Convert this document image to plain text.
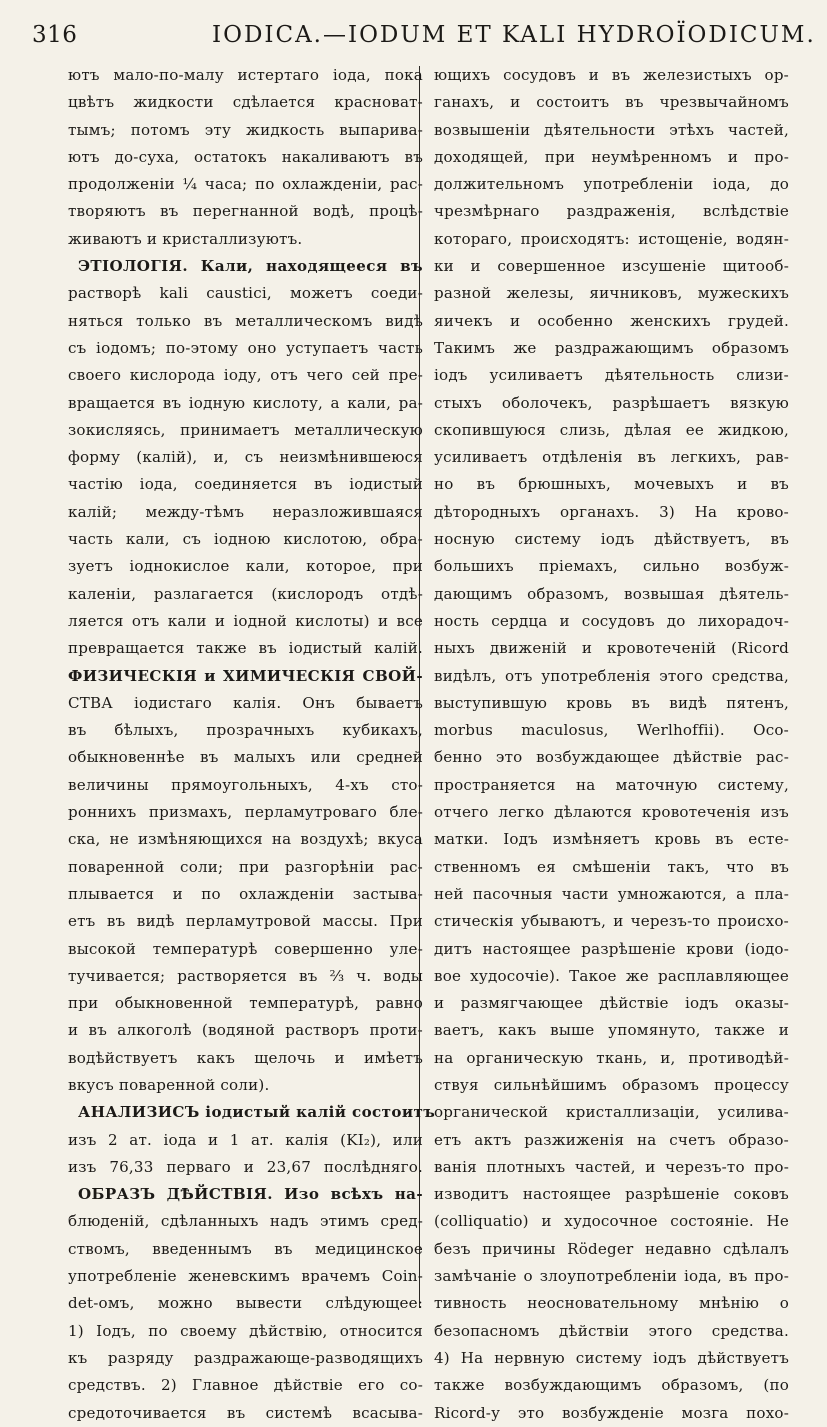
316	IODICA.—IODUM ET KALI HYDROÏODICUM.
ютъ мало-по-малу истертаго іода, пока
цвѣтъ жидкости сдѣлается красноват-
тымъ; потомъ эту жидкость выпарива-
ютъ до-суха, остатокъ накаливаютъ въ
продолженіи ¼ часа; по охлажденіи, рас-
творяютъ въ перегнанной водѣ, процѣ-
живаютъ и кристаллизуютъ.
ЭТІОЛОГІЯ. Кали, находящееся въ
растворѣ kali caustici, можетъ соеди-
няться только въ металлическомъ видѣ
съ іодомъ; по-этому оно уступаетъ часть
своего кислорода іоду, отъ чего сей пре-
вращается въ іодную кислоту, а кали, ра-
зокисляясь, принимаетъ металлическую
форму (калій), и, съ неизмѣнившеюся
частію іода, соединяется въ іодистый
калій; между-тѣмъ неразложившаяся
часть кали, съ іодною кислотою, обра-
зуетъ іоднокислое кали, которое, при
каленіи, разлагается (кислородъ отдѣ-
ляется отъ кали и іодной кислоты) и все
превращается также въ іодистый калій.
ФИЗИЧЕСКІЯ и ХИМИЧЕСКІЯ СВОЙ-
СТВА іодистаго калія. Онъ бываетъ
въ бѣлыхъ, прозрачныхъ кубикахъ,
обыкновеннѣе въ малыхъ или средней
величины прямоугольныхъ, 4-хъ сто-
роннихъ призмахъ, перламутроваго бле-
ска, не измѣняющихся на воздухѣ; вкуса
поваренной соли; при разгорѣніи рас-
плывается и по охлажденіи застыва-
етъ въ видѣ перламутровой массы. При
высокой температурѣ совершенно уле-
тучивается; растворяется въ ⅔ ч. воды
при обыкновенной температурѣ, равно
и въ алкоголѣ (водяной растворъ проти-
водѣйствуетъ какъ щелочь и имѣетъ
вкусъ поваренной соли).
АНАЛИЗИСЪ іодистый калій состоитъ
изъ 2 ат. іода и 1 ат. калія (KI₂), или
изъ 76,33 перваго и 23,67 послѣдняго.
ОБРАЗЪ ДѢЙСТВІЯ. Изо всѣхъ на-
блюденій, сдѣланныхъ надъ этимъ сред-
ствомъ, введеннымъ въ медицинское
употребленіе женевскимъ врачемъ Coin-
det-омъ, можно вывести слѣдующее:
1) Іодъ, по своему дѣйствію, относится
къ разряду раздражающе-разводящихъ
средствъ. 2) Главное дѣйствіе его со-
средоточивается въ системѣ всасыва-
ющихъ сосудовъ и въ железистыхъ ор-
ганахъ, и состоитъ въ чрезвычайномъ
возвышеніи дѣятельности этѣхъ частей,
доходящей, при неумѣренномъ и про-
должительномъ употребленіи іода, до
чрезмѣрнаго раздраженія, вслѣдствіе
котораго, происходятъ: истощеніе, водян-
ки и совершенное изсушеніе щитооб-
разной железы, яичниковъ, мужескихъ
яичекъ и особенно женскихъ грудей.
Такимъ же раздражающимъ образомъ
іодъ усиливаетъ дѣятельность слизи-
стыхъ оболочекъ, разрѣшаетъ вязкую
скопившуюся слизь, дѣлая ее жидкою,
усиливаетъ отдѣленія въ легкихъ, рав-
но въ брюшныхъ, мочевыхъ и въ
дѣтородныхъ органахъ. 3) На крово-
носную систему іодъ дѣйствуетъ, въ
большихъ пріемахъ, сильно возбуж-
дающимъ образомъ, возвышая дѣятель-
ность сердца и сосудовъ до лихорадоч-
ныхъ движеній и кровотеченій (Ricord
видѣлъ, отъ употребленія этого средства,
выступившую кровь въ видѣ пятенъ,
morbus maculosus, Werlhoffii). Осо-
бенно это возбуждающее дѣйствіе рас-
пространяется на маточную систему,
отчего легко дѣлаются кровотеченія изъ
матки. Іодъ измѣняетъ кровь въ есте-
ственномъ ея смѣшеніи такъ, что въ
ней пасочныя части умножаются, а пла-
стическія убываютъ, и черезъ-то происхо-
дитъ настоящее разрѣшеніе крови (іодо-
вое худосочіе). Такое же расплавляющее
и размягчающее дѣйствіе іодъ оказы-
ваетъ, какъ выше упомянуто, также и
на органическую ткань, и, противодѣй-
ствуя сильнѣйшимъ образомъ процессу
органической кристаллизаціи, усилива-
етъ актъ разжиженія на счетъ образо-
ванія плотныхъ частей, и черезъ-то про-
изводитъ настоящее разрѣшеніе соковъ
(colliquatio) и худосочное состояніе. Не
безъ причины Rödeger недавно сдѣлалъ
замѣчаніе о злоупотребленіи іода, въ про-
тивность неосновательному мнѣнію о
безопасномъ дѣйствіи этого средства.
4) На нервную систему іодъ дѣйствуетъ
также возбуждающимъ образомъ, (по
Ricord-у это возбужденіе мозга похо-
